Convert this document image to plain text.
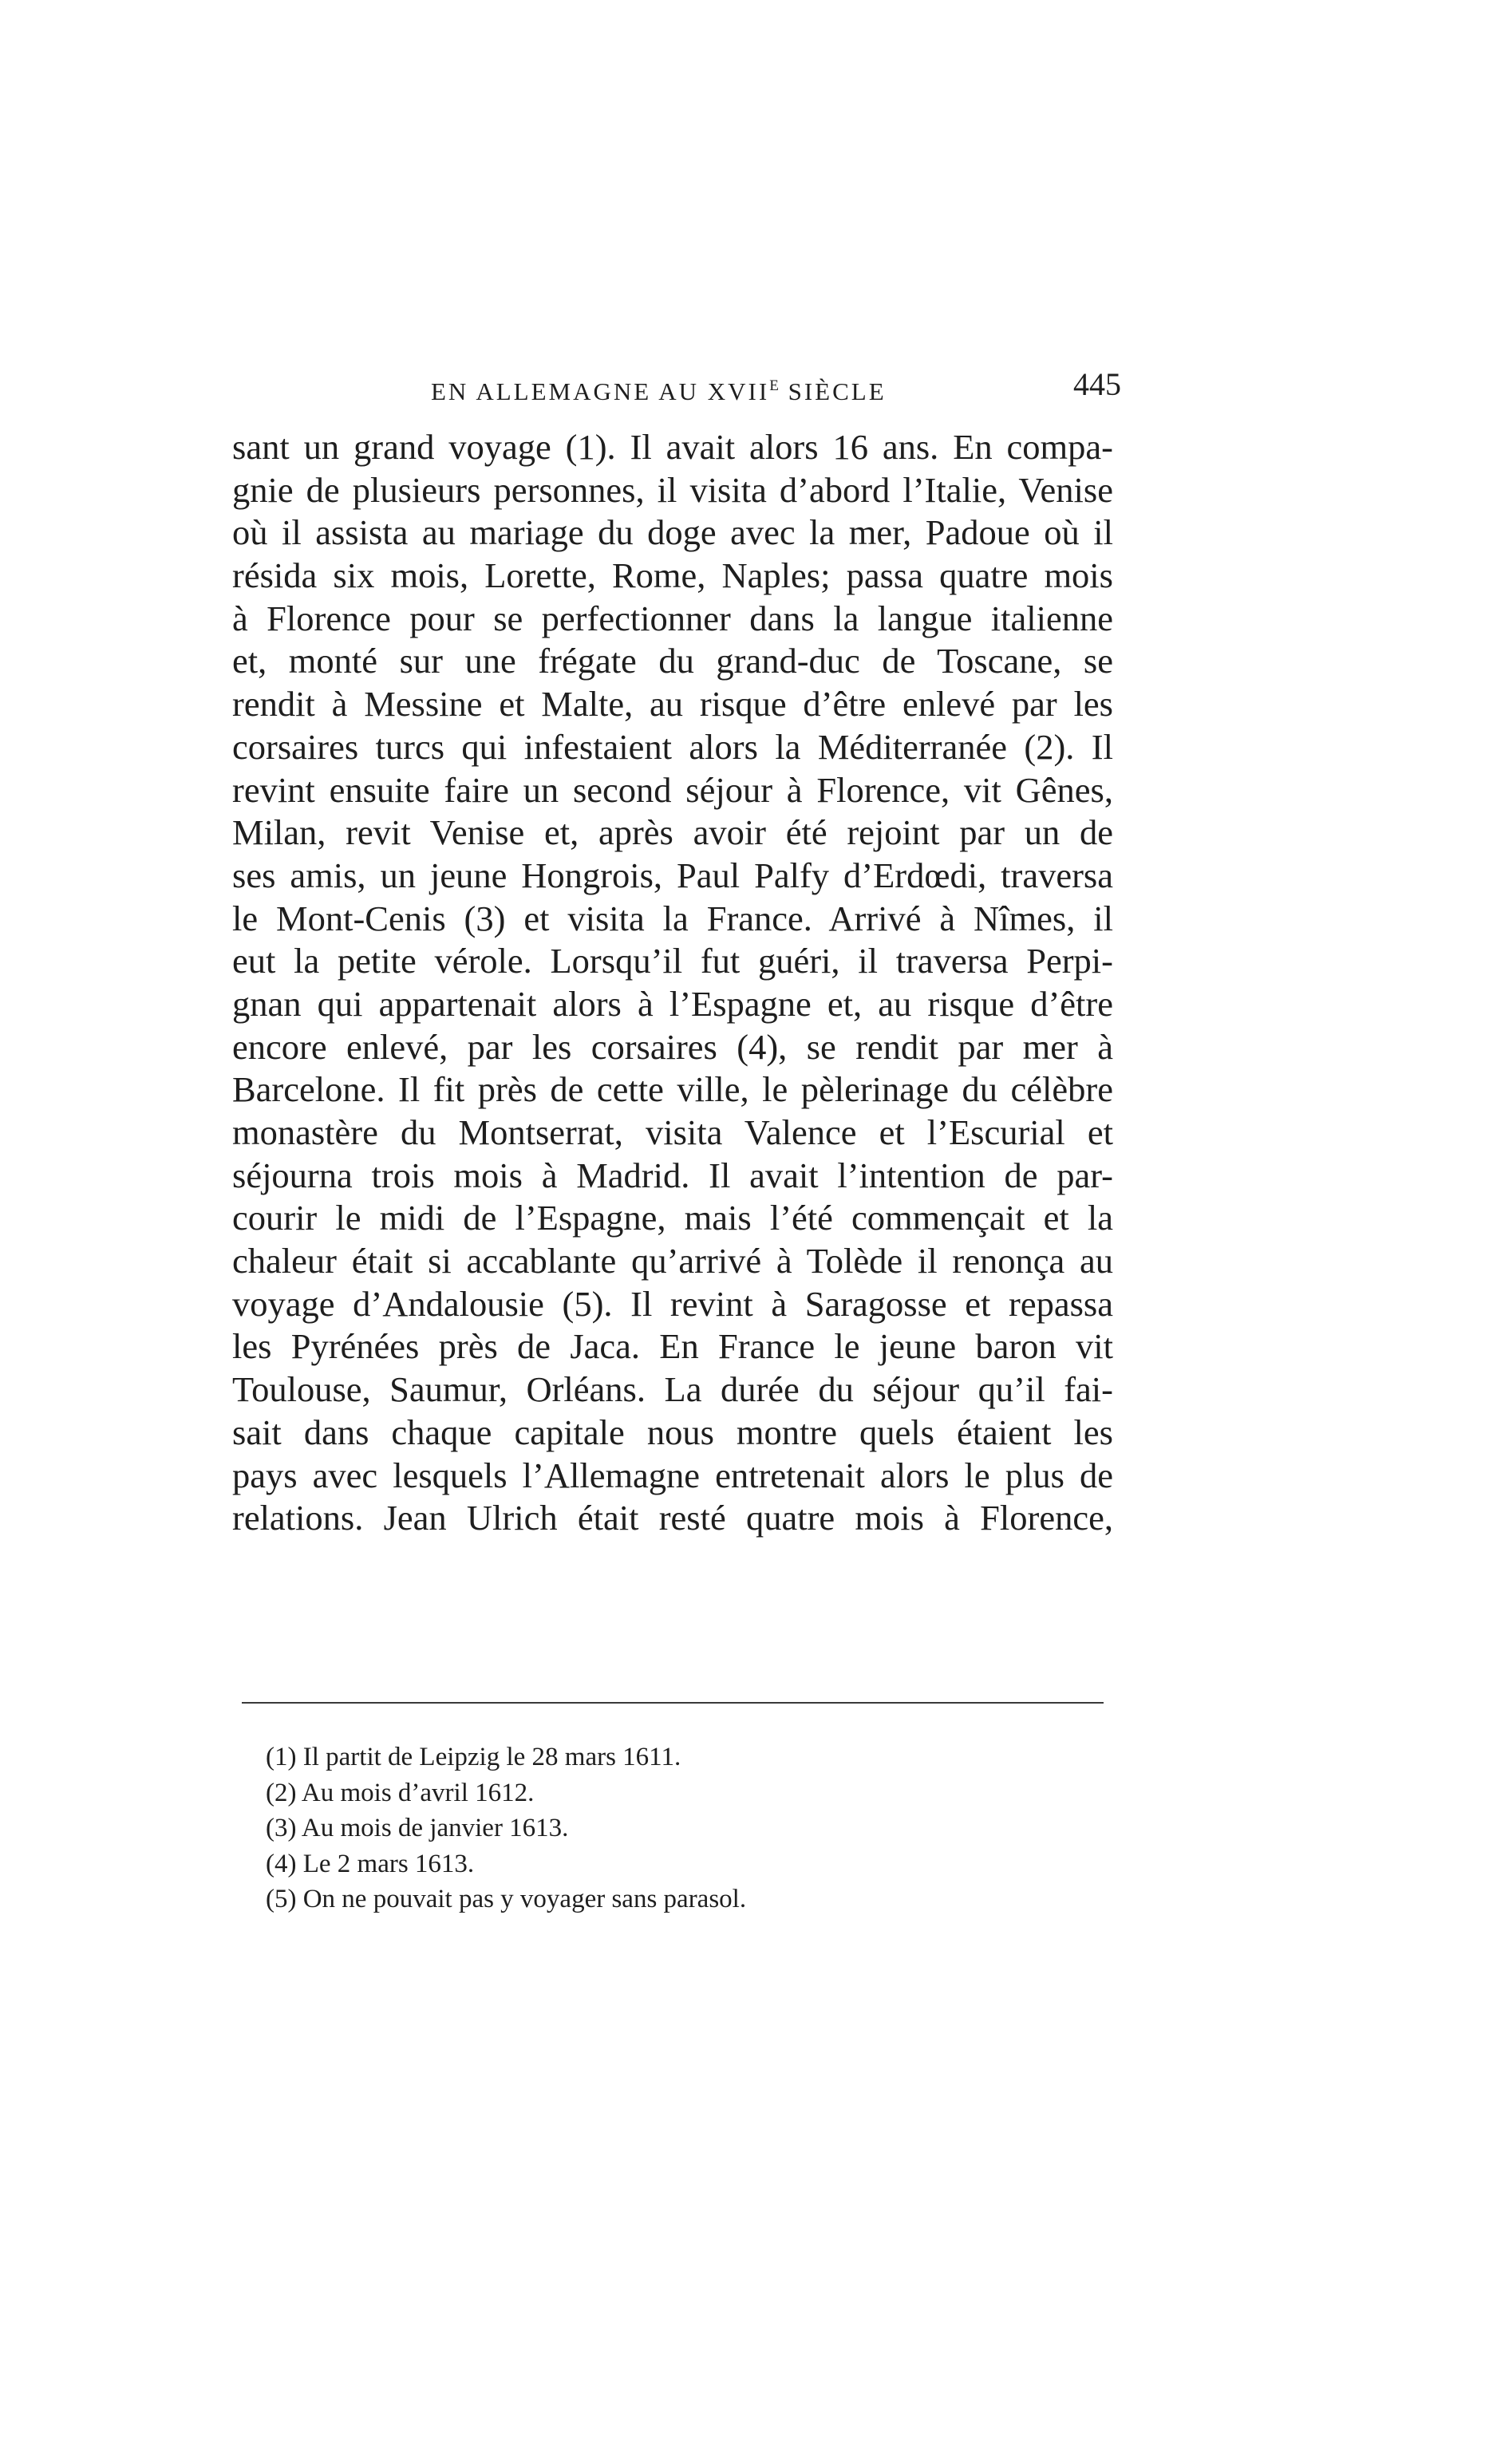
EN ALLEMAGNE AU $XVII^E$ SIÈCLE	445
sant un grand voyage (1). Il avait alors 16 ans. En compa-
gnie de plusieurs personnes, il visita d’abord l’Italie, Venise
où il assista au mariage du doge avec la mer, Padoue où il
résida six mois, Lorette, Rome, Naples; passa quatre mois
à Florence pour se perfectionner dans la langue italienne
et, monté sur une frégate du grand-duc de Toscane, se
rendit à Messine et Malte, au risque d’être enlevé par les
corsaires turcs qui infestaient alors la Méditerranée (2). Il
revint ensuite faire un second séjour à Florence, vit Gênes,
Milan, revit Venise et, après avoir été rejoint par un de
ses amis, un jeune Hongrois, Paul Palfy d’Erdœdi, traversa
le Mont-Cenis (3) et visita la France. Arrivé à Nîmes, il
eut la petite vérole. Lorsqu’il fut guéri, il traversa Perpi-
gnan qui appartenait alors à l’Espagne et, au risque d’être
encore enlevé, par les corsaires (4), se rendit par mer à
Barcelone. Il fit près de cette ville, le pèlerinage du célèbre
monastère du Montserrat, visita Valence et l’Escurial et
séjourna trois mois à Madrid. Il avait l’intention de par-
courir le midi de l’Espagne, mais l’été commençait et la
chaleur était si accablante qu’arrivé à Tolède il renonça au
voyage d’Andalousie (5). Il revint à Saragosse et repassa
les Pyrénées près de Jaca. En France le jeune baron vit
Toulouse, Saumur, Orléans. La durée du séjour qu’il fai-
sait dans chaque capitale nous montre quels étaient les
pays avec lesquels l’Allemagne entretenait alors le plus de
relations. Jean Ulrich était resté quatre mois à Florence,
(1) Il partit de Leipzig le 28 mars 1611.
(2) Au mois d’avril 1612.
(3) Au mois de janvier 1613.
(4) Le 2 mars 1613.
(5) On ne pouvait pas y voyager sans parasol.
